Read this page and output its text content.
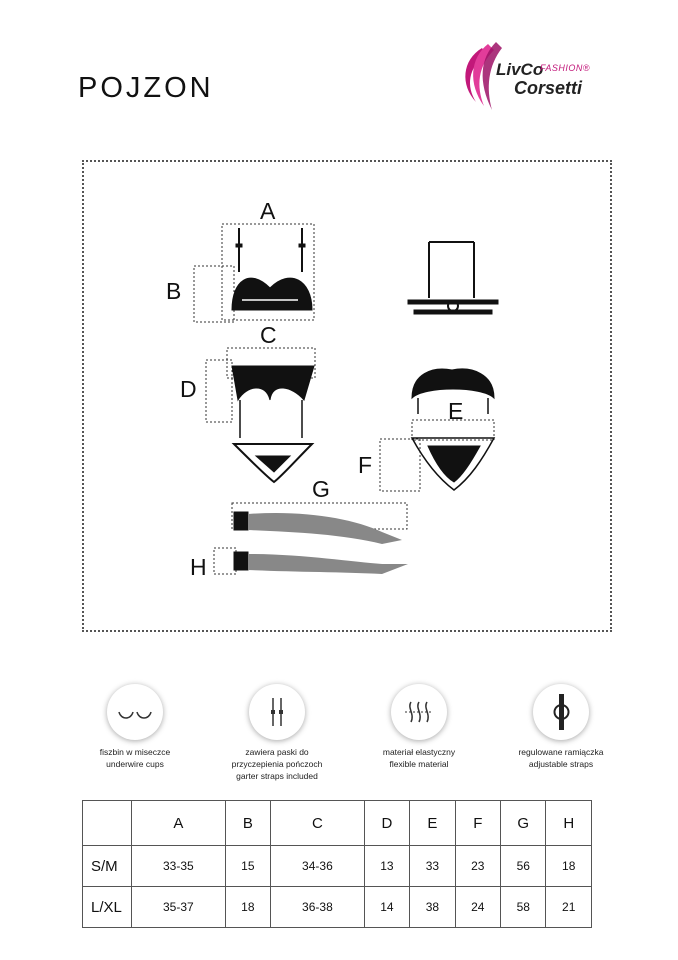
POJZON
LivCo
FASHION®
Corsetti
A
B
C
D
E
F
G
H
fiszbin w miseczce
underwire cups
zawiera paski do
przyczepienia pończoch
garter straps included
materiał elastyczny
flexible material
regulowane ramiączka
adjustable straps
	A	B	C	D	E	F	G	H
S/M	33-35	15	34-36	13	33	23	56	18
L/XL	35-37	18	36-38	14	38	24	58	21
